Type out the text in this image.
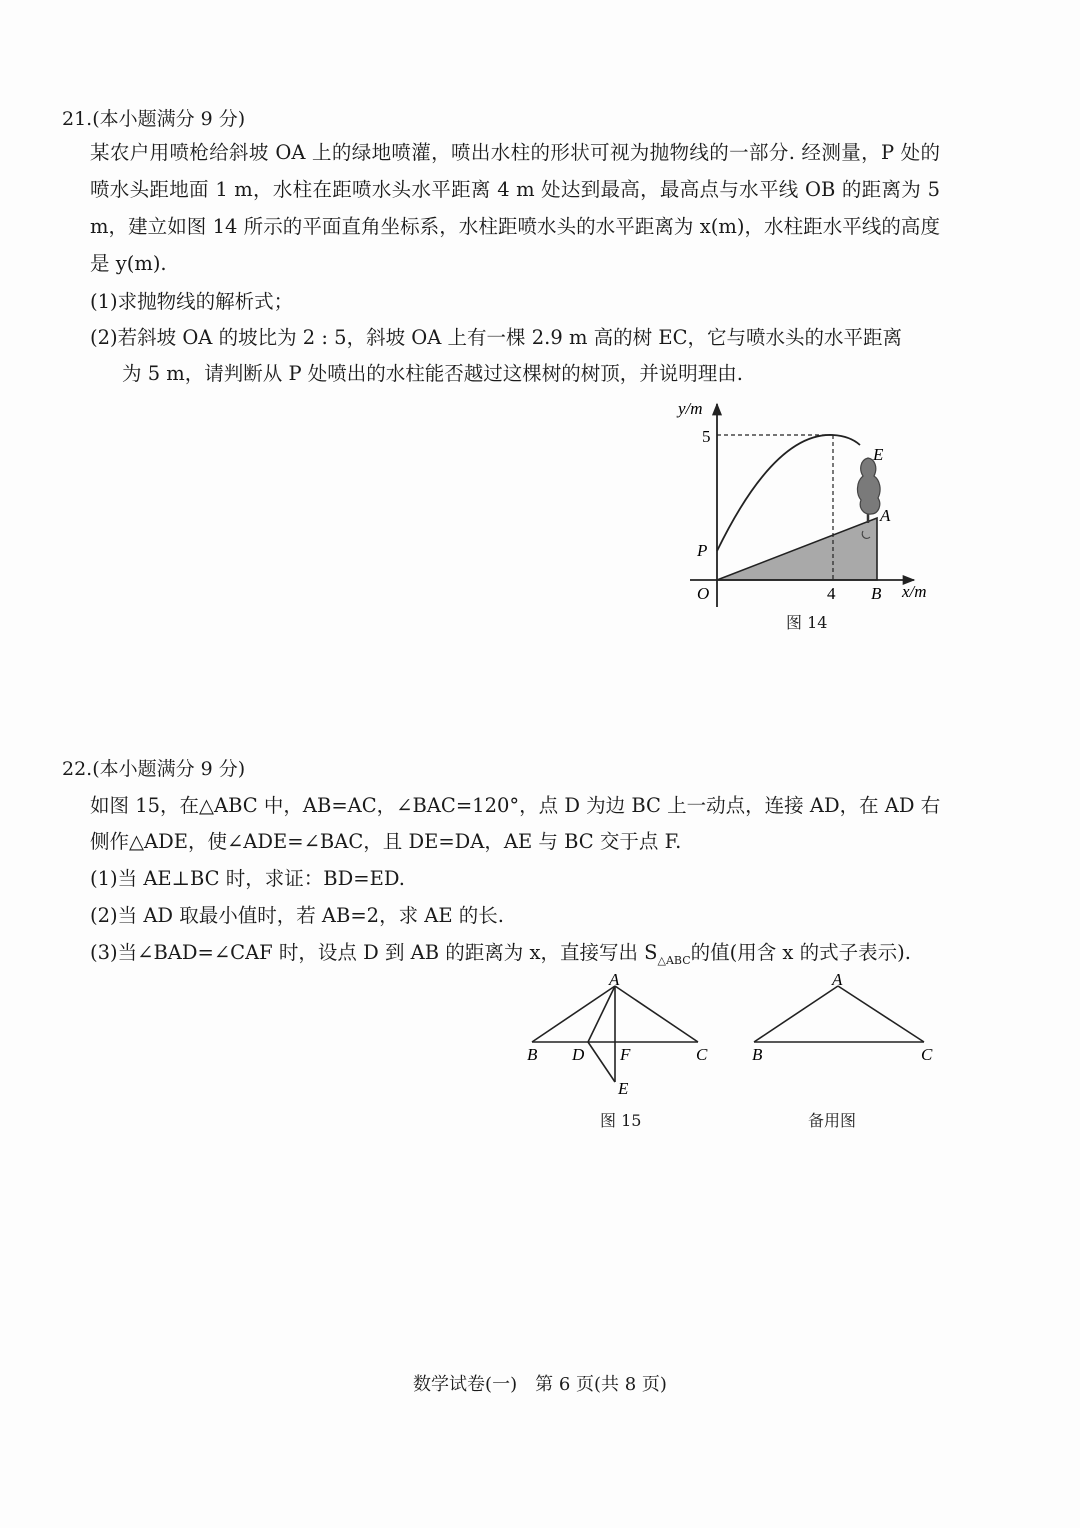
21.(本小题满分 9 分)

某农户用喷枪给斜坡 OA 上的绿地喷灌，喷出水柱的形状可视为抛物线的一部分. 经测量，P 处的喷水头距地面 1 m，水柱在距喷水头水平距离 4 m 处达到最高，最高点与水平线 OB 的距离为 5 m，建立如图 14 所示的平面直角坐标系，水柱距喷水头的水平距离为 x(m)，水柱距水平线的高度是 y(m).

(1)求抛物线的解析式；
(2)若斜坡 OA 的坡比为 2 : 5，斜坡 OA 上有一棵 2.9 m 高的树 EC，它与喷水头的水平距离
为 5 m，请判断从 P 处喷出的水柱能否越过这棵树的树顶，并说明理由.
y/m
x/m
5
4
O
P
B
A
E
C
图 14
22.(本小题满分 9 分)
如图 15，在△ABC 中，AB=AC，∠BAC=120°，点 D 为边 BC 上一动点，连接 AD，在 AD 右
侧作△ADE，使∠ADE=∠BAC，且 DE=DA，AE 与 BC 交于点 F.
(1)当 AE⊥BC 时，求证：BD=ED.
(2)当 AD 取最小值时，若 AB=2，求 AE 的长.
(3)当∠BAD=∠CAF 时，设点 D 到 AB 的距离为 x，直接写出 $S_{\triangle ABC}$的值(用含 x 的式子表示).
A
B	C
D F
E
图 15
A
B	C
备用图
数学试卷(一)　第 6 页(共 8 页)
